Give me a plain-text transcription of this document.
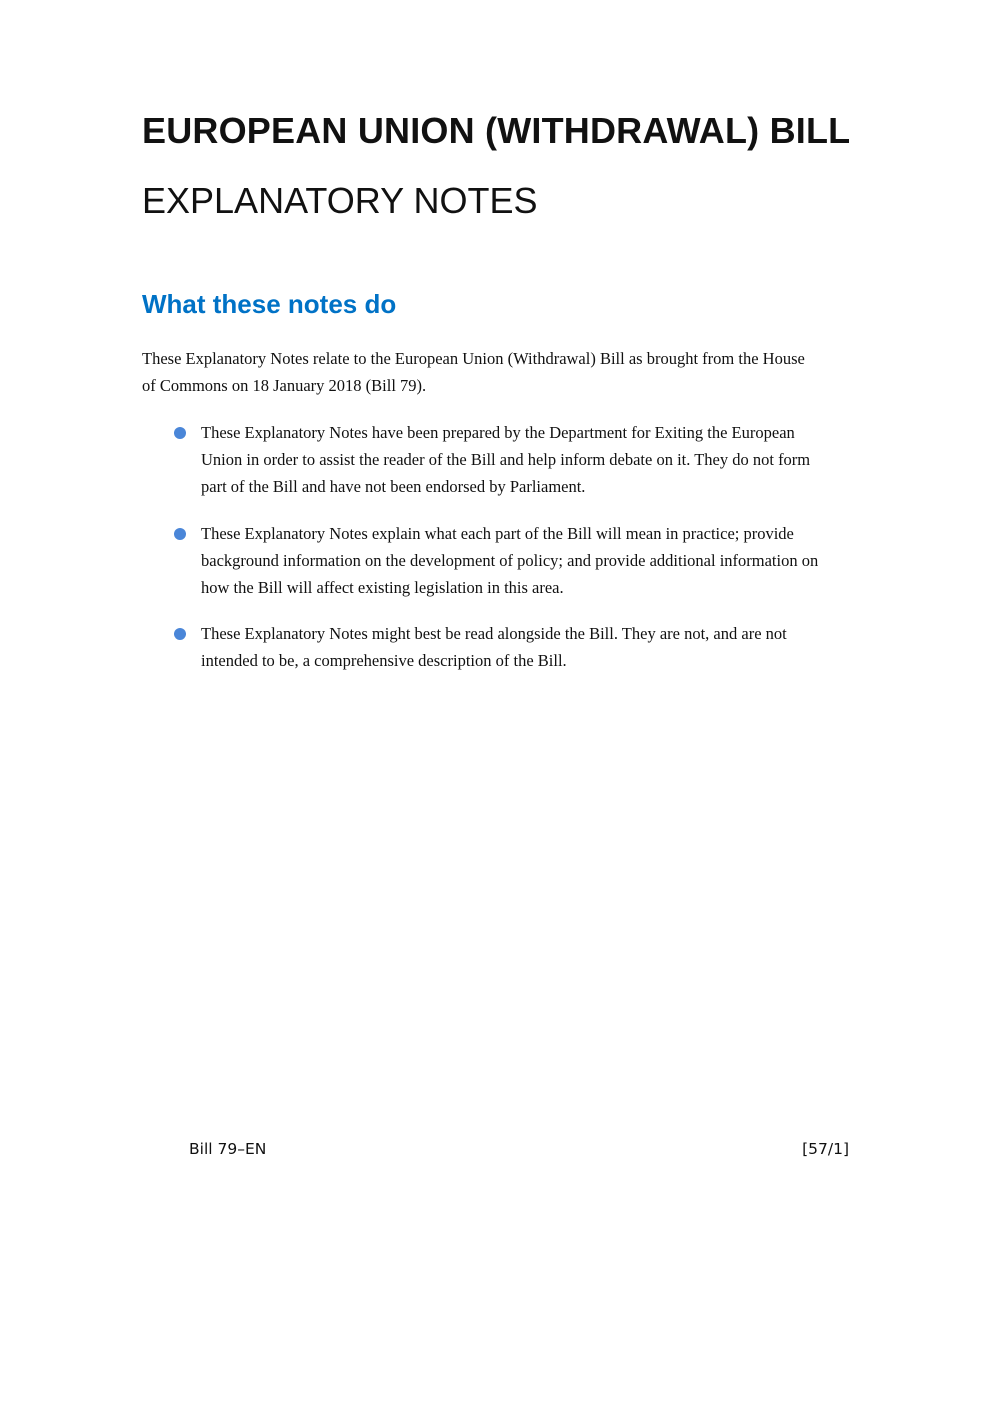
EUROPEAN UNION (WITHDRAWAL) BILL
EXPLANATORY NOTES
What these notes do
These Explanatory Notes relate to the European Union (Withdrawal) Bill as brought from the House
of Commons on 18 January 2018 (Bill 79).
These Explanatory Notes have been prepared by the Department for Exiting the European
Union in order to assist the reader of the Bill and help inform debate on it. They do not form
part of the Bill and have not been endorsed by Parliament.
These Explanatory Notes explain what each part of the Bill will mean in practice; provide
background information on the development of policy; and provide additional information on
how the Bill will affect existing legislation in this area.
These Explanatory Notes might best be read alongside the Bill. They are not, and are not
intended to be, a comprehensive description of the Bill.
Bill 79–EN	[57/1]
